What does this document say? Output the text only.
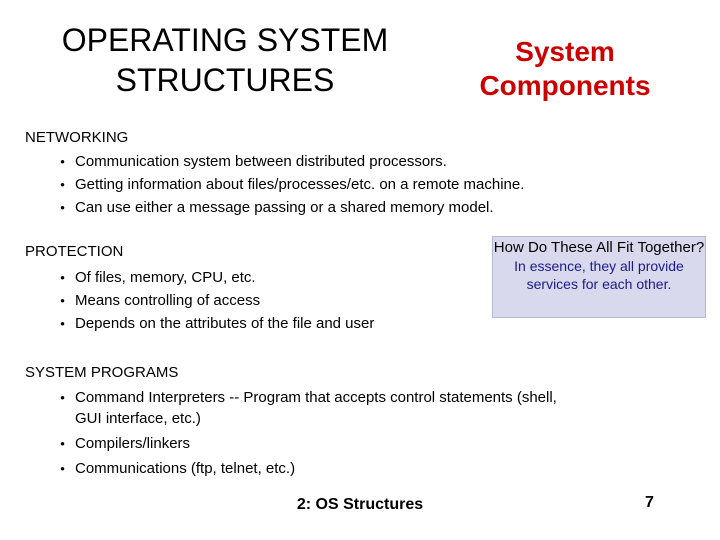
OPERATING SYSTEM STRUCTURES
System Components
NETWORKING
• Communication system between distributed processors.
• Getting information about files/processes/etc. on a remote machine.
• Can use either a message passing or a shared memory model.
PROTECTION
• Of files, memory, CPU, etc.
• Means controlling of access
• Depends on the attributes of the file and user
How Do These All Fit Together?
In essence, they all provide services for each other.
SYSTEM PROGRAMS
• Command Interpreters -- Program that accepts control statements (shell, GUI interface, etc.)
• Compilers/linkers
• Communications (ftp, telnet, etc.)
2: OS Structures	7
